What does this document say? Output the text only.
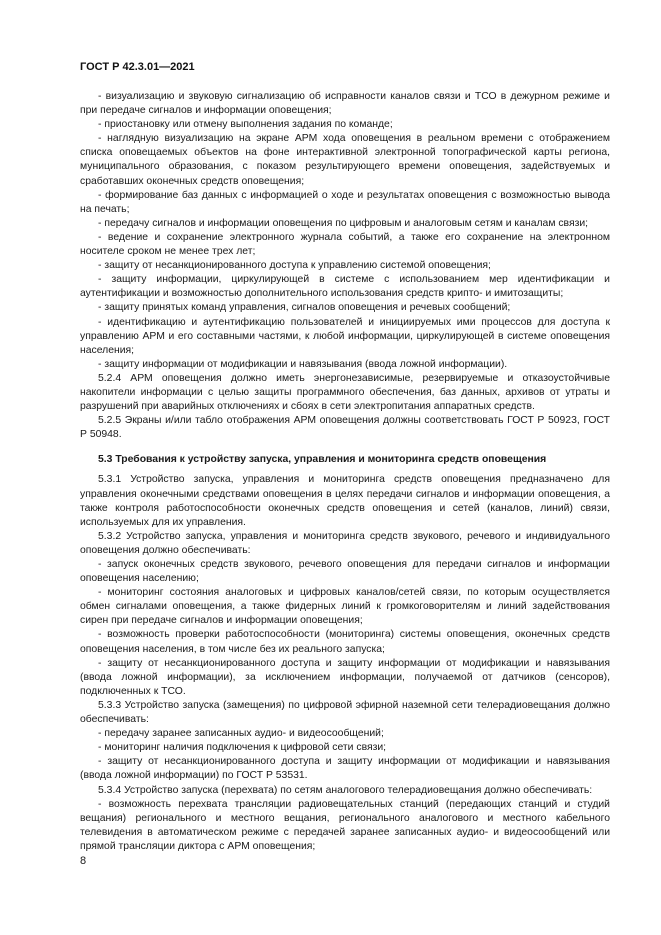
ГОСТ Р 42.3.01—2021

- визуализацию и звуковую сигнализацию об исправности каналов связи и ТСО в дежурном режиме и при передаче сигналов и информации оповещения;

- приостановку или отмену выполнения задания по команде;

- наглядную визуализацию на экране АРМ хода оповещения в реальном времени с отображением списка оповещаемых объектов на фоне интерактивной электронной топографической карты региона, муниципального образования, с показом результирующего времени оповещения, задействуемых и сработавших оконечных средств оповещения;

- формирование баз данных с информацией о ходе и результатах оповещения с возможностью вывода на печать;

- передачу сигналов и информации оповещения по цифровым и аналоговым сетям и каналам связи;

- ведение и сохранение электронного журнала событий, а также его сохранение на электронном носителе сроком не менее трех лет;

- защиту от несанкционированного доступа к управлению системой оповещения;

- защиту информации, циркулирующей в системе с использованием мер идентификации и аутентификации и возможностью дополнительного использования средств крипто- и имитозащиты;

- защиту принятых команд управления, сигналов оповещения и речевых сообщений;

- идентификацию и аутентификацию пользователей и инициируемых ими процессов для доступа к управлению АРМ и его составными частями, к любой информации, циркулирующей в системе оповещения населения;

- защиту информации от модификации и навязывания (ввода ложной информации).

5.2.4 АРМ оповещения должно иметь энергонезависимые, резервируемые и отказоустойчивые накопители информации с целью защиты программного обеспечения, баз данных, архивов от утраты и разрушений при аварийных отключениях и сбоях в сети электропитания аппаратных средств.

5.2.5 Экраны и/или табло отображения АРМ оповещения должны соответствовать ГОСТ Р 50923, ГОСТ Р 50948.

5.3 Требования к устройству запуска, управления и мониторинга средств оповещения

5.3.1 Устройство запуска, управления и мониторинга средств оповещения предназначено для управления оконечными средствами оповещения в целях передачи сигналов и информации оповещения, а также контроля работоспособности оконечных средств оповещения и сетей (каналов, линий) связи, используемых для их управления.

5.3.2 Устройство запуска, управления и мониторинга средств звукового, речевого и индивидуального оповещения должно обеспечивать:

- запуск оконечных средств звукового, речевого оповещения для передачи сигналов и информации оповещения населению;

- мониторинг состояния аналоговых и цифровых каналов/сетей связи, по которым осуществляется обмен сигналами оповещения, а также фидерных линий к громкоговорителям и линий задействования сирен при передаче сигналов и информации оповещения;

- возможность проверки работоспособности (мониторинга) системы оповещения, оконечных средств оповещения населения, в том числе без их реального запуска;

- защиту от несанкционированного доступа и защиту информации от модификации и навязывания (ввода ложной информации), за исключением информации, получаемой от датчиков (сенсоров), подключенных к ТСО.

5.3.3 Устройство запуска (замещения) по цифровой эфирной наземной сети телерадиовещания должно обеспечивать:

- передачу заранее записанных аудио- и видеосообщений;

- мониторинг наличия подключения к цифровой сети связи;

- защиту от несанкционированного доступа и защиту информации от модификации и навязывания (ввода ложной информации) по ГОСТ Р 53531.

5.3.4 Устройство запуска (перехвата) по сетям аналогового телерадиовещания должно обеспечивать:

- возможность перехвата трансляции радиовещательных станций (передающих станций и студий вещания) регионального и местного вещания, регионального аналогового и местного кабельного телевидения в автоматическом режиме с передачей заранее записанных аудио- и видеосообщений или прямой трансляции диктора с АРМ оповещения;

8
